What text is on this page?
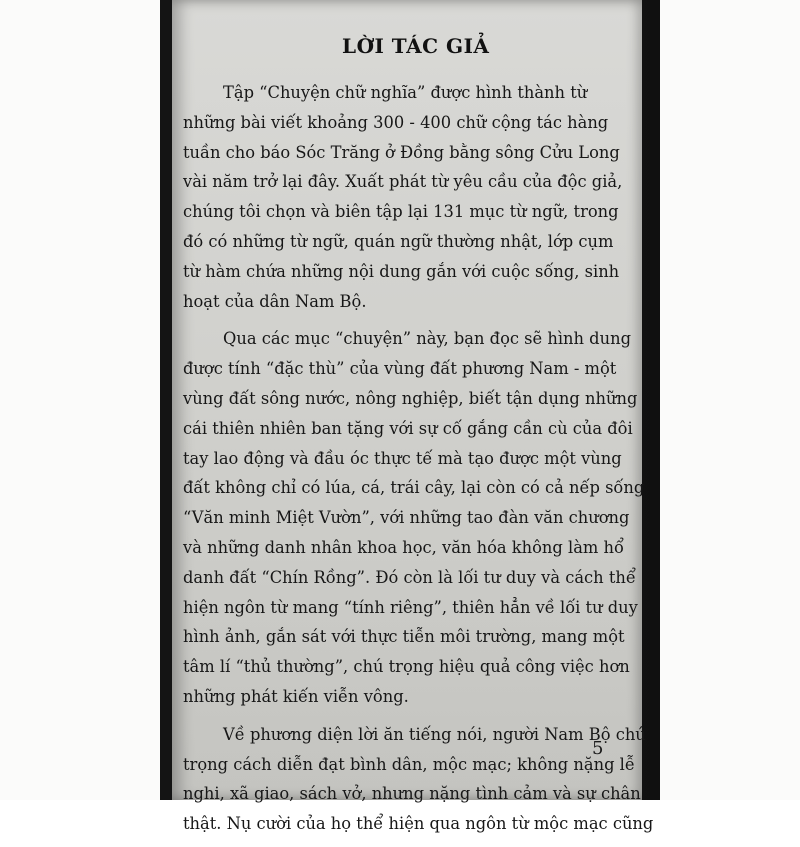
LỜI TÁC GIẢ

Tập “Chuyện chữ nghĩa” được hình thành từ
những bài viết khoảng 300 - 400 chữ cộng tác hàng
tuần cho báo Sóc Trăng ở Đồng bằng sông Cửu Long
vài năm trở lại đây. Xuất phát từ yêu cầu của độc giả,
chúng tôi chọn và biên tập lại 131 mục từ ngữ, trong
đó có những từ ngữ, quán ngữ thường nhật, lớp cụm
từ hàm chứa những nội dung gắn với cuộc sống, sinh
hoạt của dân Nam Bộ.

Qua các mục “chuyện” này, bạn đọc sẽ hình dung
được tính “đặc thù” của vùng đất phương Nam - một
vùng đất sông nước, nông nghiệp, biết tận dụng những
cái thiên nhiên ban tặng với sự cố gắng cần cù của đôi
tay lao động và đầu óc thực tế mà tạo được một vùng
đất không chỉ có lúa, cá, trái cây, lại còn có cả nếp sống
“Văn minh Miệt Vườn”, với những tao đàn văn chương
và những danh nhân khoa học, văn hóa không làm hổ
danh đất “Chín Rồng”. Đó còn là lối tư duy và cách thể
hiện ngôn từ mang “tính riêng”, thiên hẳn về lối tư duy
hình ảnh, gắn sát với thực tiễn môi trường, mang một
tâm lí “thủ thường”, chú trọng hiệu quả công việc hơn
những phát kiến viễn vông.

Về phương diện lời ăn tiếng nói, người Nam Bộ chú
trọng cách diễn đạt bình dân, mộc mạc; không nặng lễ
nghi, xã giao, sách vở, nhưng nặng tình cảm và sự chân
thật. Nụ cười của họ thể hiện qua ngôn từ mộc mạc cũng

5
